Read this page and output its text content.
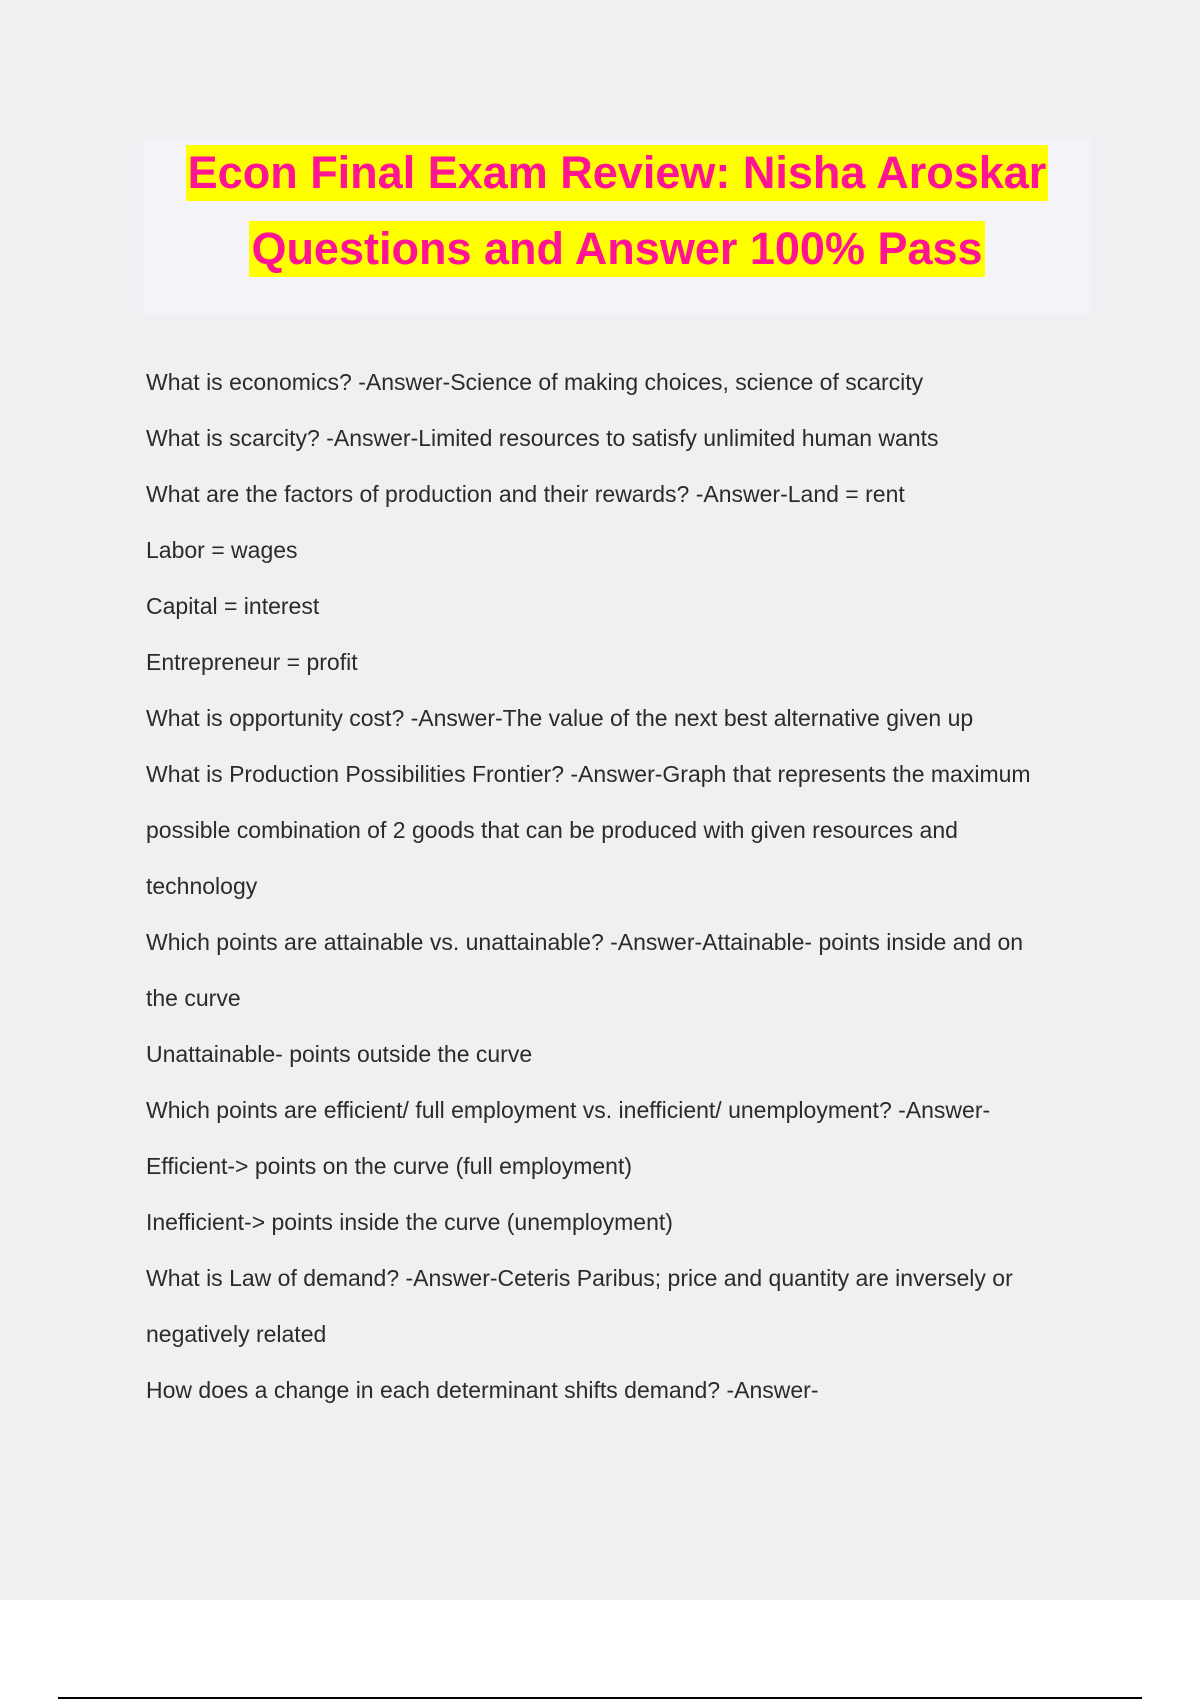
Econ Final Exam Review: Nisha Aroskar
Questions and Answer 100% Pass

What is economics? -Answer-Science of making choices, science of scarcity

What is scarcity? -Answer-Limited resources to satisfy unlimited human wants

What are the factors of production and their rewards? -Answer-Land = rent

Labor = wages

Capital = interest

Entrepreneur = profit

What is opportunity cost? -Answer-The value of the next best alternative given up

What is Production Possibilities Frontier? -Answer-Graph that represents the maximum

possible combination of 2 goods that can be produced with given resources and

technology

Which points are attainable vs. unattainable? -Answer-Attainable- points inside and on

the curve

Unattainable- points outside the curve

Which points are efficient/ full employment vs. inefficient/ unemployment? -Answer-

Efficient-> points on the curve (full employment)

Inefficient-> points inside the curve (unemployment)

What is Law of demand? -Answer-Ceteris Paribus; price and quantity are inversely or

negatively related

How does a change in each determinant shifts demand? -Answer-
